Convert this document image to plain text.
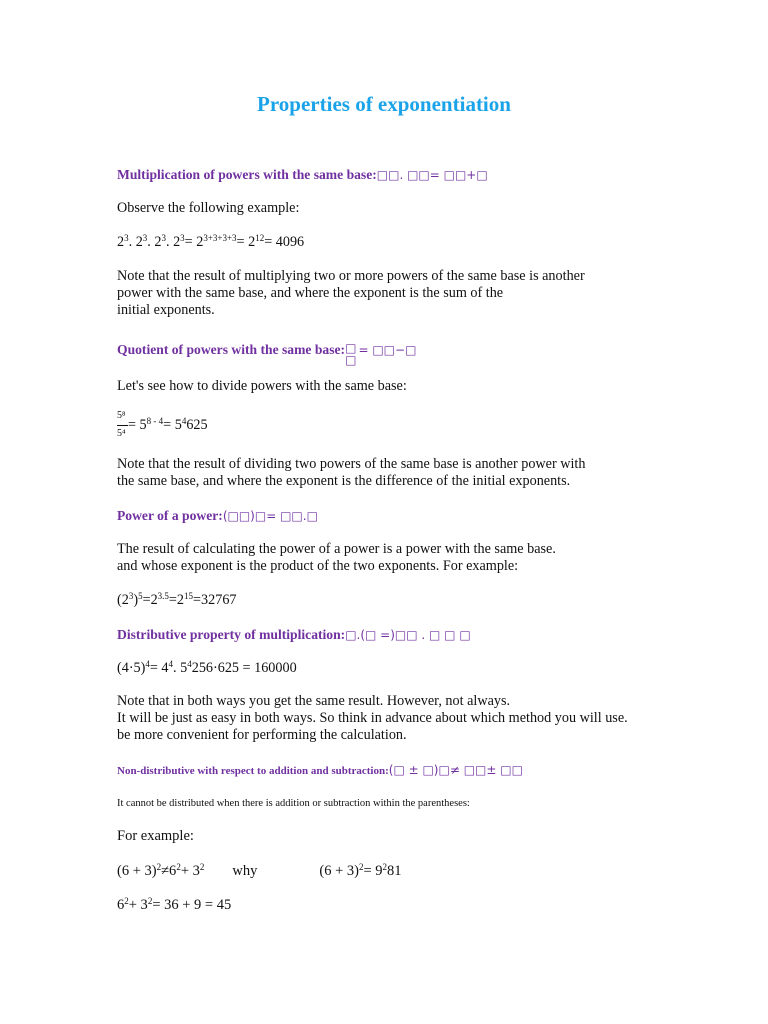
Properties of exponentiation
Multiplication of powers with the same base:□□. □□= □□+□
Observe the following example:
$2^3$. $2^3$. $2^3$. $2^3= 2^{3+3+3+3}= 2^{12}= 4096$
Note that the result of multiplying two or more powers of the same base is another
power with the same base, and where the exponent is the sum of the
initial exponents.
Quotient of powers with the same base: □
□
= □□−□
Let's see how to divide powers with the same base:
5⁸
5⁴
= $5^{8 - 4}= 5^4625$
Note that the result of dividing two powers of the same base is another power with
the same base, and where the exponent is the difference of the initial exponents.
Power of a power:(□□)□= □□.□
The result of calculating the power of a power is a power with the same base.
and whose exponent is the product of the two exponents. For example:
$(2^3)^5=2^{3.5}=2^{15}=32767$
Distributive property of multiplication:□.(□ =)□□ . □ □ □
$(4\cdot 5)^4= 4^4$. $5^4256\cdot 625 = 160000$
Note that in both ways you get the same result. However, not always.
It will be just as easy in both ways. So think in advance about which method you will use.
be more convenient for performing the calculation.
Non-distributive with respect to addition and subtraction:(□ ± □)□≠ □□± □□
It cannot be distributed when there is addition or subtraction within the parentheses:
For example:
$(6 + 3)^2\ne 6^2+ 3^2$ why	$(6 + 3)^2= 9^281$
$6^2+ 3^2= 36 + 9 = 45$
